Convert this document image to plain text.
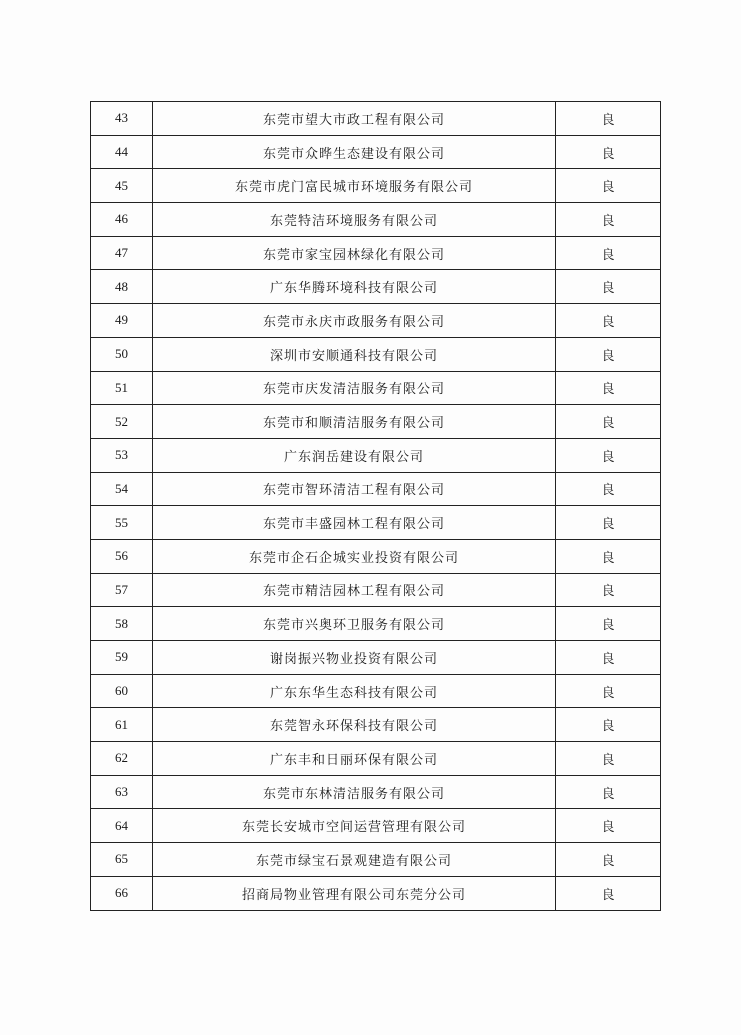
43	东莞市望大市政工程有限公司	良
44	东莞市众晔生态建设有限公司	良
45	东莞市虎门富民城市环境服务有限公司	良
46	东莞特洁环境服务有限公司	良
47	东莞市家宝园林绿化有限公司	良
48	广东华腾环境科技有限公司	良
49	东莞市永庆市政服务有限公司	良
50	深圳市安顺通科技有限公司	良
51	东莞市庆发清洁服务有限公司	良
52	东莞市和顺清洁服务有限公司	良
53	广东润岳建设有限公司	良
54	东莞市智环清洁工程有限公司	良
55	东莞市丰盛园林工程有限公司	良
56	东莞市企石企城实业投资有限公司	良
57	东莞市精洁园林工程有限公司	良
58	东莞市兴奥环卫服务有限公司	良
59	谢岗振兴物业投资有限公司	良
60	广东东华生态科技有限公司	良
61	东莞智永环保科技有限公司	良
62	广东丰和日丽环保有限公司	良
63	东莞市东林清洁服务有限公司	良
64	东莞长安城市空间运营管理有限公司	良
65	东莞市绿宝石景观建造有限公司	良
66	招商局物业管理有限公司东莞分公司	良
